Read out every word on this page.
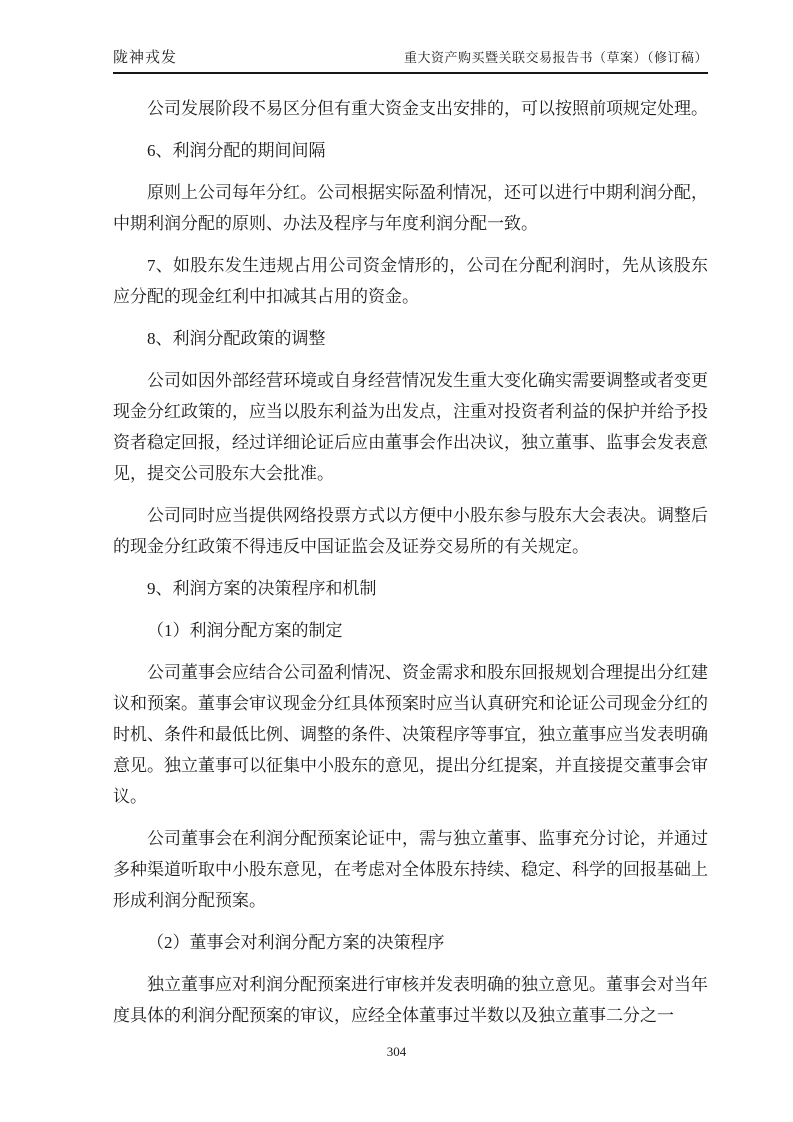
陇神戎发	重大资产购买暨关联交易报告书（草案）（修订稿）

公司发展阶段不易区分但有重大资金支出安排的，可以按照前项规定处理。

6、利润分配的期间间隔

原则上公司每年分红。公司根据实际盈利情况，还可以进行中期利润分配，中期利润分配的原则、办法及程序与年度利润分配一致。

7、如股东发生违规占用公司资金情形的，公司在分配利润时，先从该股东应分配的现金红利中扣减其占用的资金。

8、利润分配政策的调整

公司如因外部经营环境或自身经营情况发生重大变化确实需要调整或者变更现金分红政策的，应当以股东利益为出发点，注重对投资者利益的保护并给予投资者稳定回报，经过详细论证后应由董事会作出决议，独立董事、监事会发表意见，提交公司股东大会批准。

公司同时应当提供网络投票方式以方便中小股东参与股东大会表决。调整后的现金分红政策不得违反中国证监会及证券交易所的有关规定。

9、利润方案的决策程序和机制

（1）利润分配方案的制定

公司董事会应结合公司盈利情况、资金需求和股东回报规划合理提出分红建议和预案。董事会审议现金分红具体预案时应当认真研究和论证公司现金分红的时机、条件和最低比例、调整的条件、决策程序等事宜，独立董事应当发表明确意见。独立董事可以征集中小股东的意见，提出分红提案，并直接提交董事会审议。

公司董事会在利润分配预案论证中，需与独立董事、监事充分讨论，并通过多种渠道听取中小股东意见，在考虑对全体股东持续、稳定、科学的回报基础上形成利润分配预案。

（2）董事会对利润分配方案的决策程序

独立董事应对利润分配预案进行审核并发表明确的独立意见。董事会对当年度具体的利润分配预案的审议，应经全体董事过半数以及独立董事二分之一

304
